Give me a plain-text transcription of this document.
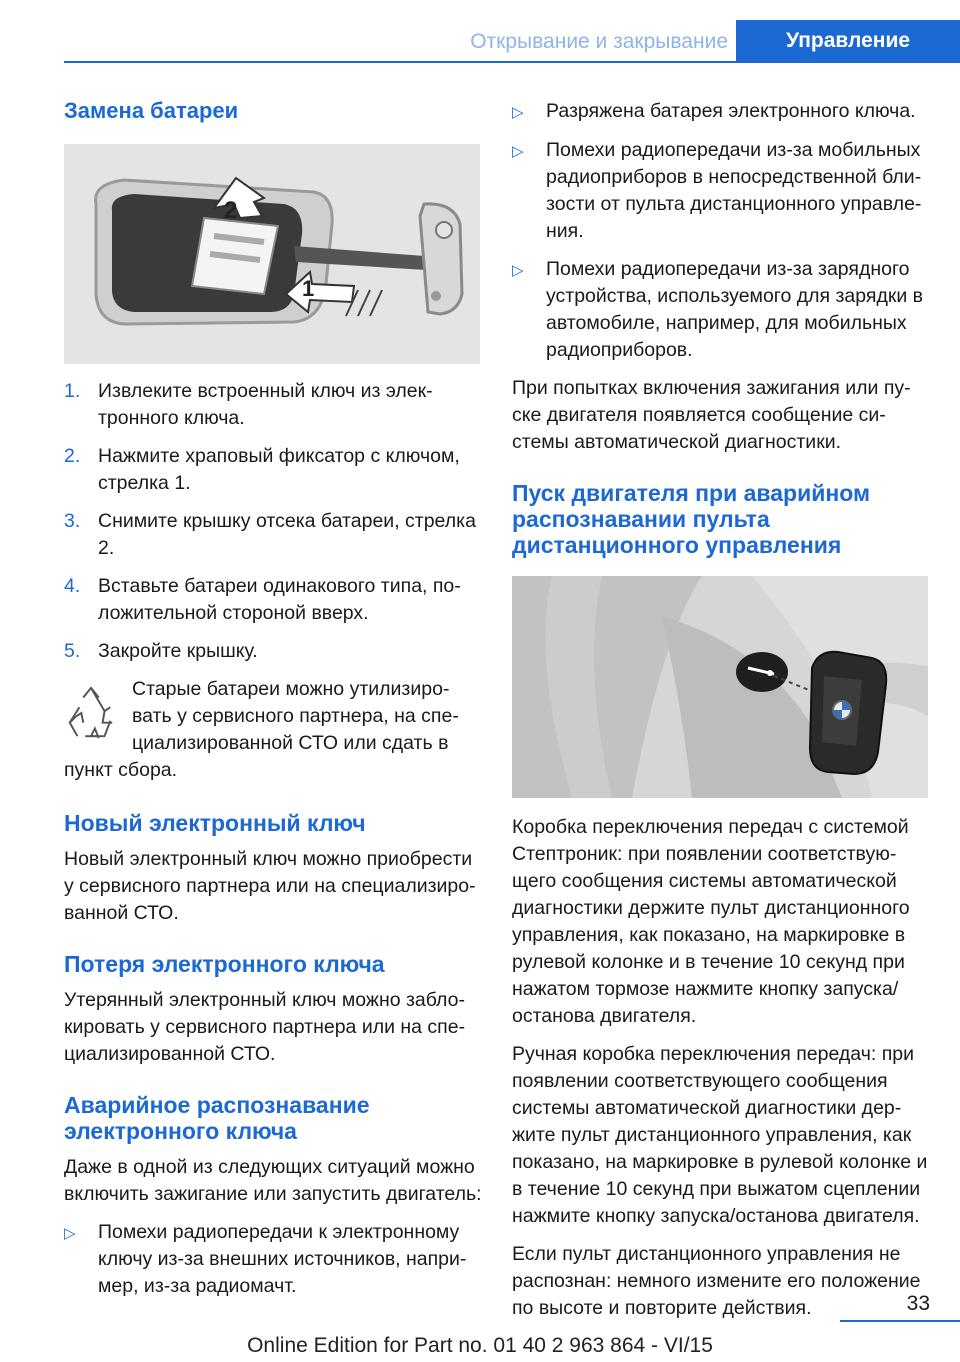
Открывание и закрывание	Управление
Замена батареи
2
1
1. Извлеките встроенный ключ из электронного ключа.
2. Нажмите храповый фиксатор с ключом, стрелка 1.
3. Снимите крышку отсека батареи, стрелка 2.
4. Вставьте батареи одинакового типа, положительной стороной вверх.
5. Закройте крышку.
Старые батареи можно утилизировать у сервисного партнера, на специализированной СТО или сдать в пункт сбора.
Новый электронный ключ

Новый электронный ключ можно приобрести у сервисного партнера или на специализированной СТО.

Потеря электронного ключа

Утерянный электронный ключ можно заблокировать у сервисного партнера или на специализированной СТО.

Аварийное распознавание электронного ключа

Даже в одной из следующих ситуаций можно включить зажигание или запустить двигатель:

▷	Помехи радиопередачи к электронному ключу из-за внешних источников, например, из-за радиомачт.
▷	Разряжена батарея электронного ключа.
▷	Помехи радиопередачи из-за мобильных радиоприборов в непосредственной близости от пульта дистанционного управления.
▷	Помехи радиопередачи из-за зарядного устройства, используемого для зарядки в автомобиле, например, для мобильных радиоприборов.

При попытках включения зажигания или пуске двигателя появляется сообщение системы автоматической диагностики.

Пуск двигателя при аварийном распознавании пульта дистанционного управления

Коробка переключения передач с системой Стептроник: при появлении соответствующего сообщения системы автоматической диагностики держите пульт дистанционного управления, как показано, на маркировке в рулевой колонке и в течение 10 секунд при нажатом тормозе нажмите кнопку запуска/останова двигателя.

Ручная коробка переключения передач: при появлении соответствующего сообщения системы автоматической диагностики держите пульт дистанционного управления, как показано, на маркировке в рулевой колонке и в течение 10 секунд при выжатом сцеплении нажмите кнопку запуска/останова двигателя.

Если пульт дистанционного управления не распознан: немного измените его положение по высоте и повторите действия.	33
Online Edition for Part no. 01 40 2 963 864 - VI/15
